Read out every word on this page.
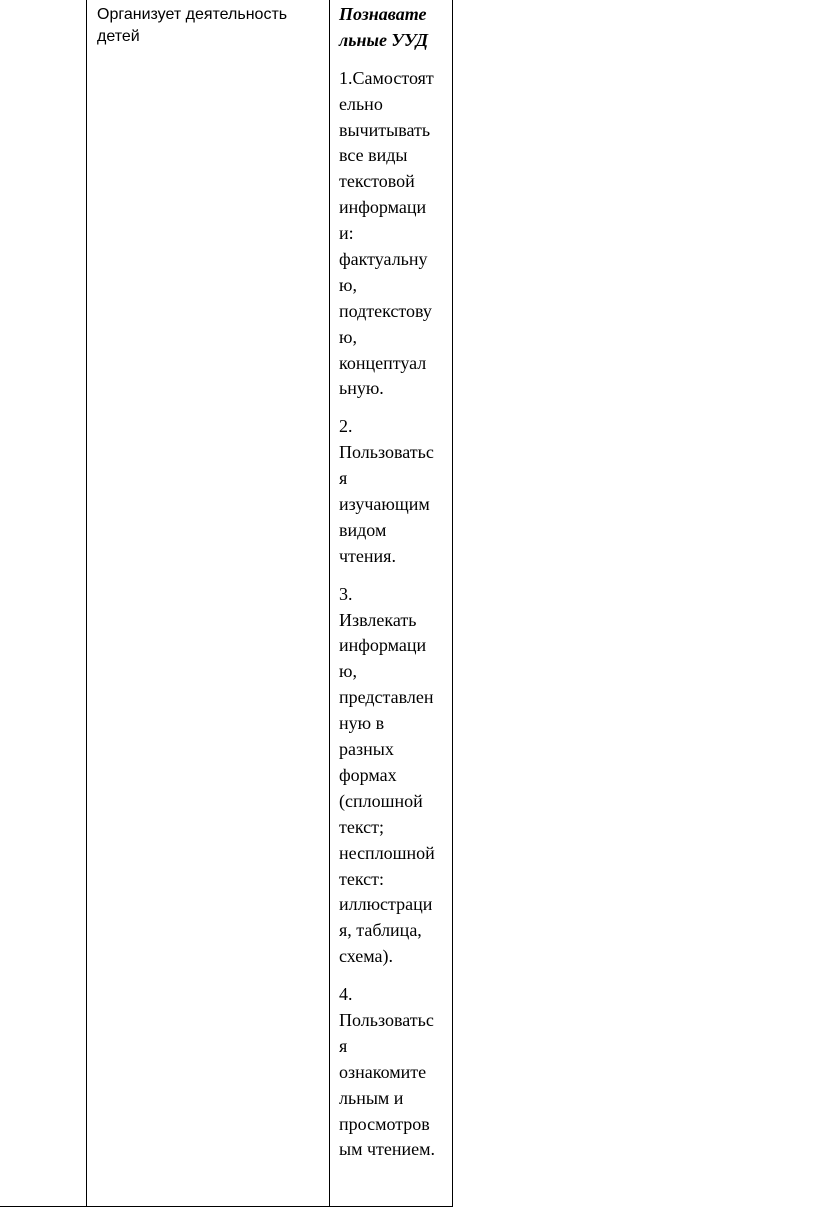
Организует деятельность детей
Познавате
льные УУД
1.Самостоят
ельно
вычитывать
все виды
текстовой
информаци
и:
фактуальну
ю,
подтекстову
ю,
концептуал
ьную.
2.
Пользоватьс
я
изучающим
видом
чтения.
3.
Извлекать
информаци
ю,
представлен
ную в
разных
формах
(сплошной
текст;
несплошной
текст:
иллюстраци
я, таблица,
схема).
4.
Пользоватьс
я
ознакомите
льным и
просмотров
ым чтением.
